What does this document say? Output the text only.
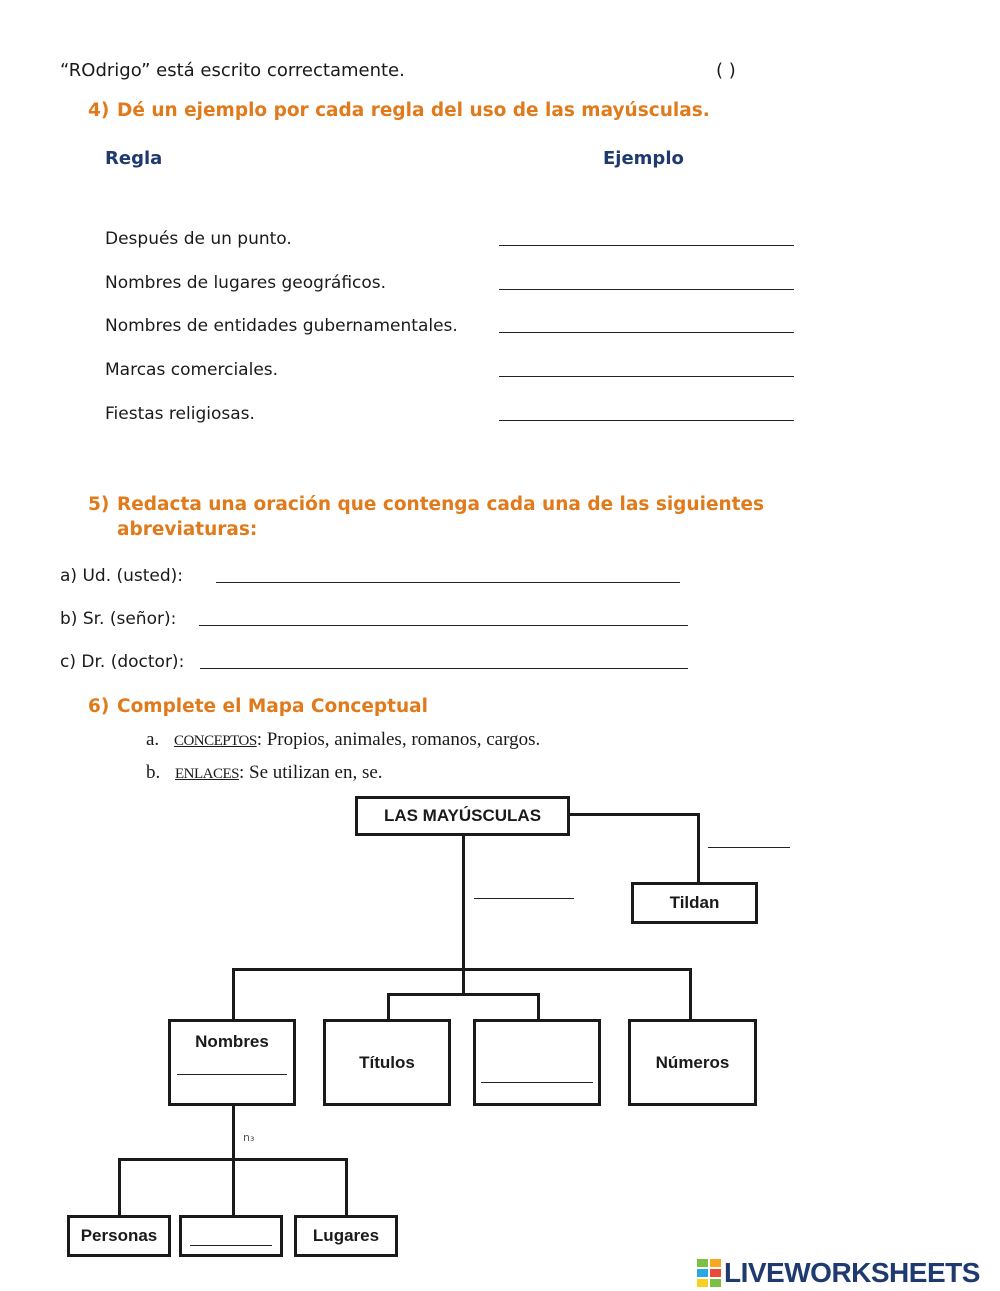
“ROdrigo” está escrito correctamente.	( )
4) Dé un ejemplo por cada regla del uso de las mayúsculas.
Regla	Ejemplo
Después de un punto.
Nombres de lugares geográficos.
Nombres de entidades gubernamentales.
Marcas comerciales.
Fiestas religiosas.
5) Redacta una oración que contenga cada una de las siguientes
abreviaturas:
a) Ud. (usted):
b) Sr. (señor):
c) Dr. (doctor):
6) Complete el Mapa Conceptual
a. CONCEPTOS: Propios, animales, romanos, cargos.
b. ENLACES: Se utilizan en, se.
n₃
LAS MAYÚSCULAS
Tildan
Nombres
Títulos	Números
Personas	Lugares
LIVEWORKSHEETS
